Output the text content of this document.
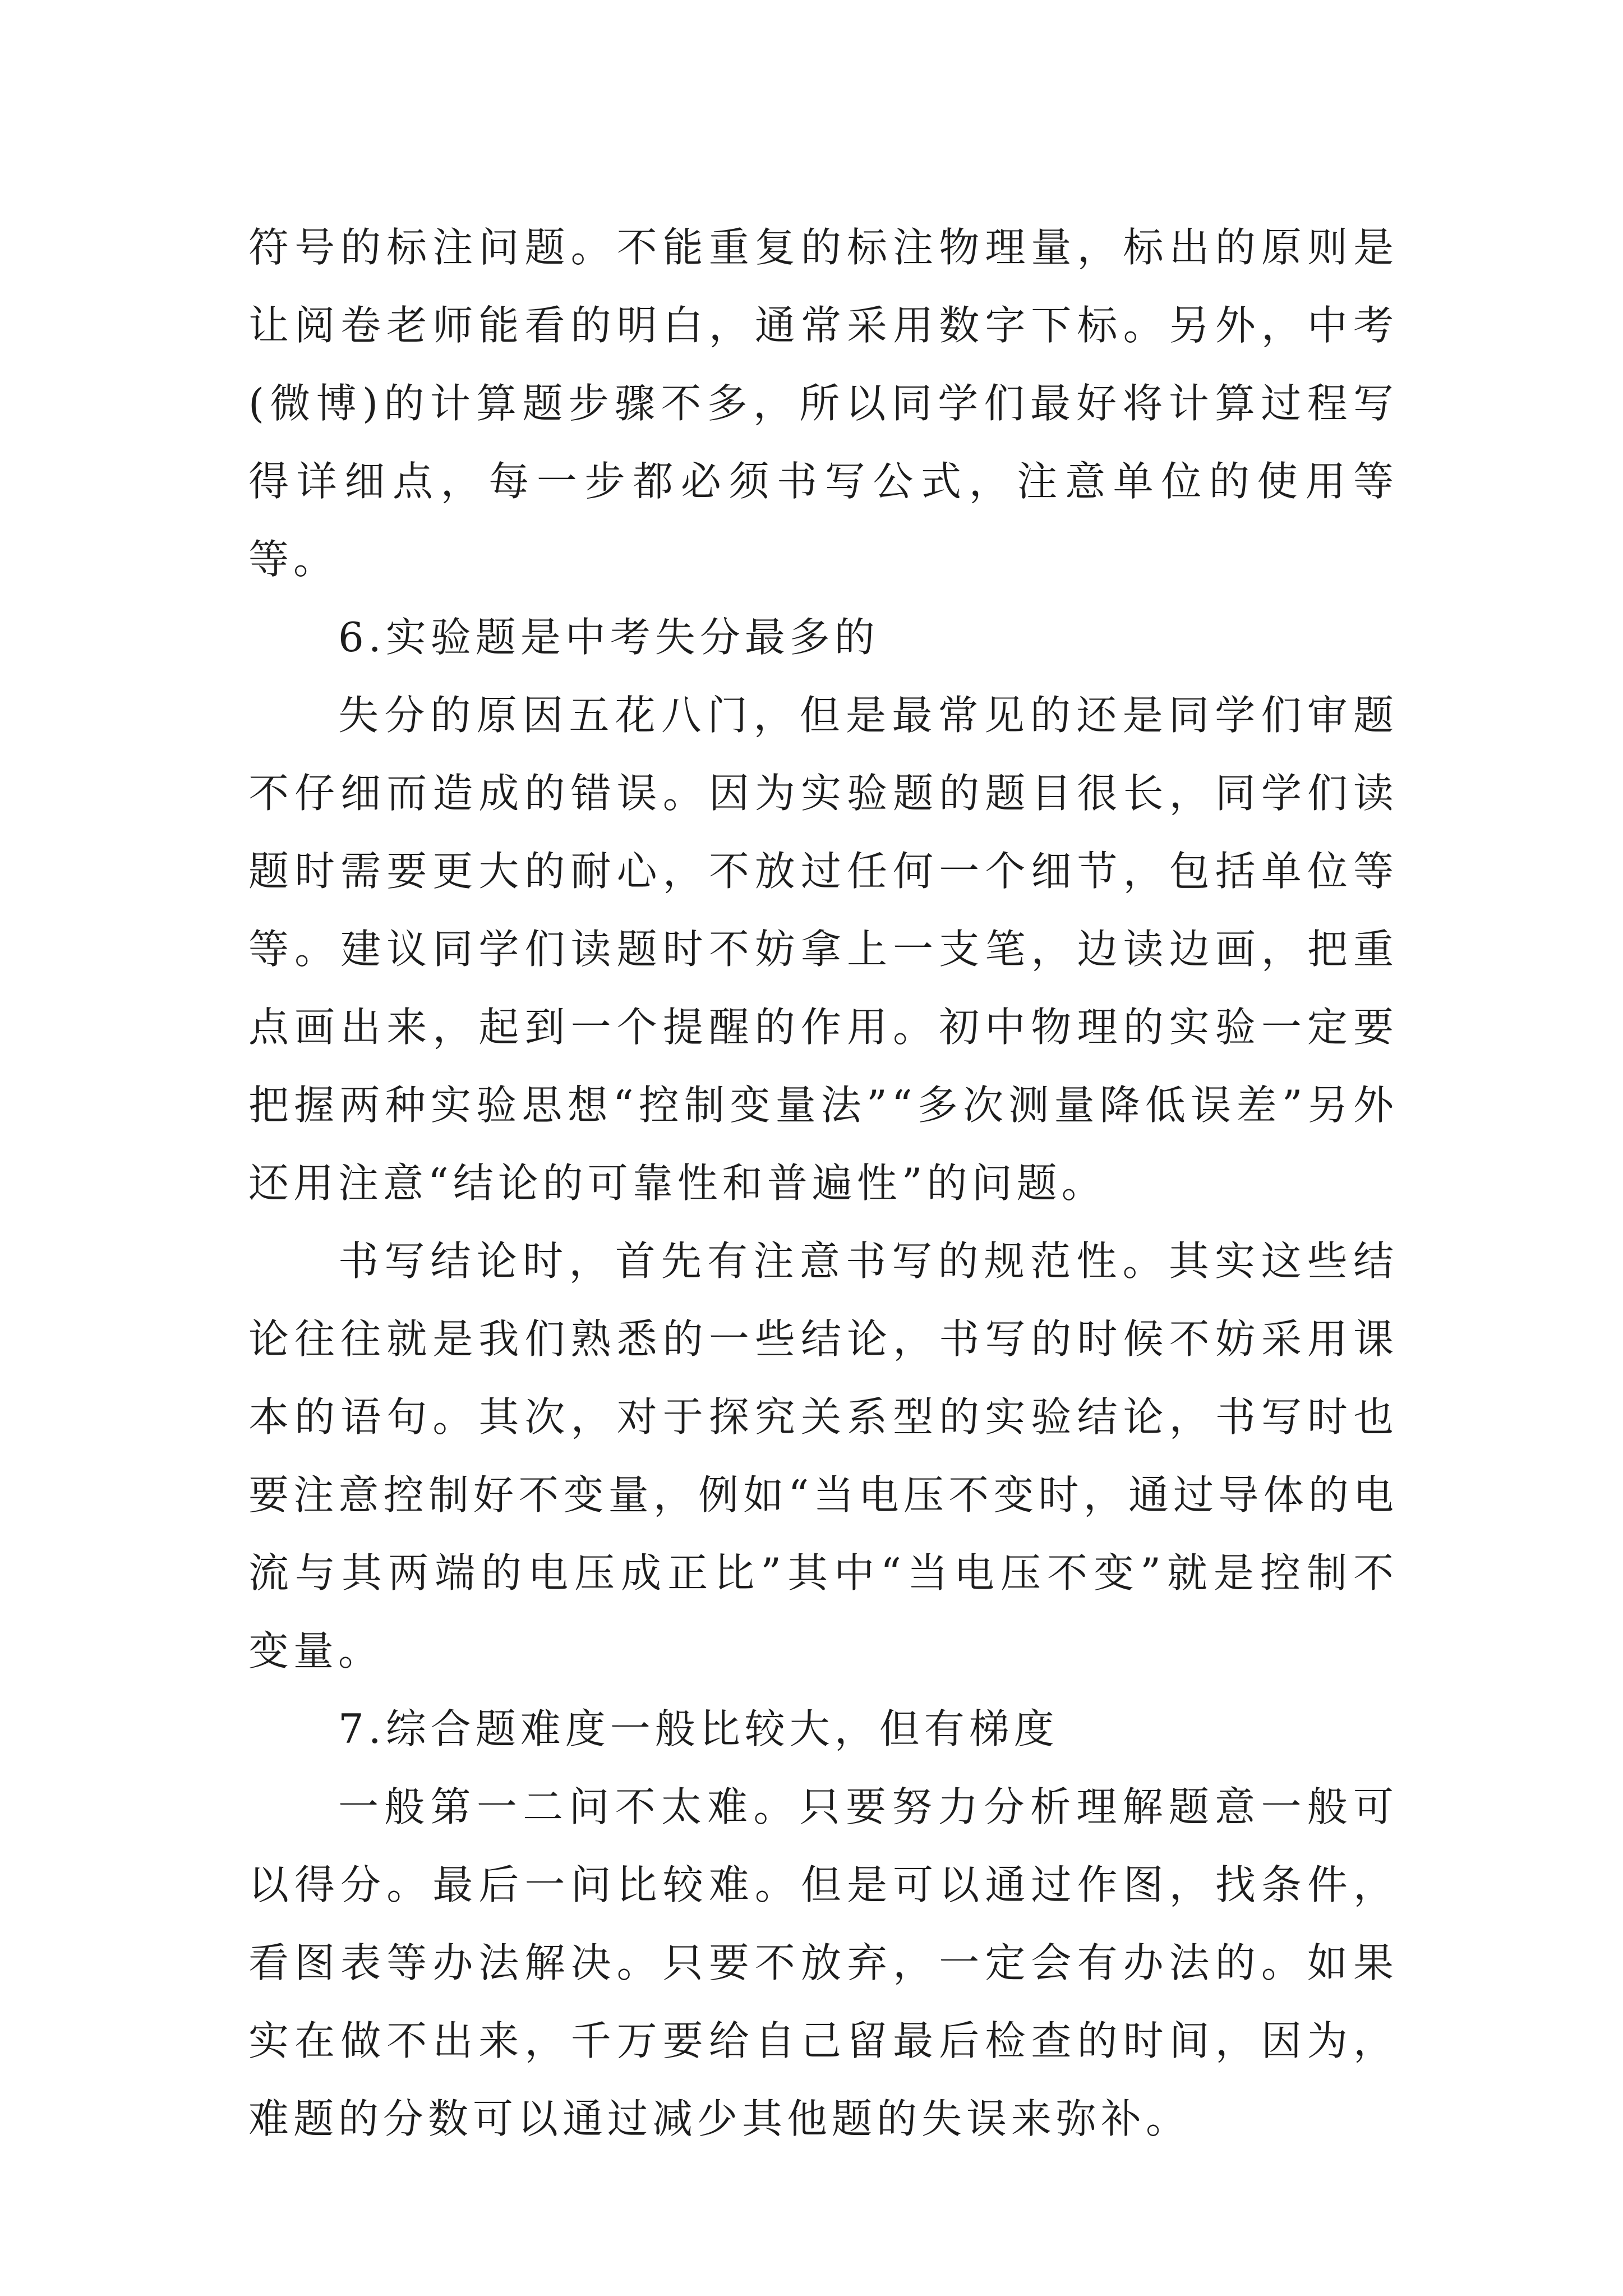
符号的标注问题。不能重复的标注物理量，标出的原则是让阅卷老师能看的明白，通常采用数字下标。另外，中考(微博)的计算题步骤不多，所以同学们最好将计算过程写得详细点，每一步都必须书写公式，注意单位的使用等等。

6.实验题是中考失分最多的

失分的原因五花八门，但是最常见的还是同学们审题不仔细而造成的错误。因为实验题的题目很长，同学们读题时需要更大的耐心，不放过任何一个细节，包括单位等等。建议同学们读题时不妨拿上一支笔，边读边画，把重点画出来，起到一个提醒的作用。初中物理的实验一定要把握两种实验思想“控制变量法”“多次测量降低误差”另外还用注意“结论的可靠性和普遍性”的问题。

书写结论时，首先有注意书写的规范性。其实这些结论往往就是我们熟悉的一些结论，书写的时候不妨采用课本的语句。其次，对于探究关系型的实验结论，书写时也要注意控制好不变量，例如“当电压不变时，通过导体的电流与其两端的电压成正比”其中“当电压不变”就是控制不变量。

7.综合题难度一般比较大，但有梯度

一般第一二问不太难。只要努力分析理解题意一般可以得分。最后一问比较难。但是可以通过作图，找条件，看图表等办法解决。只要不放弃，一定会有办法的。如果实在做不出来，千万要给自己留最后检查的时间，因为，难题的分数可以通过减少其他题的失误来弥补。
